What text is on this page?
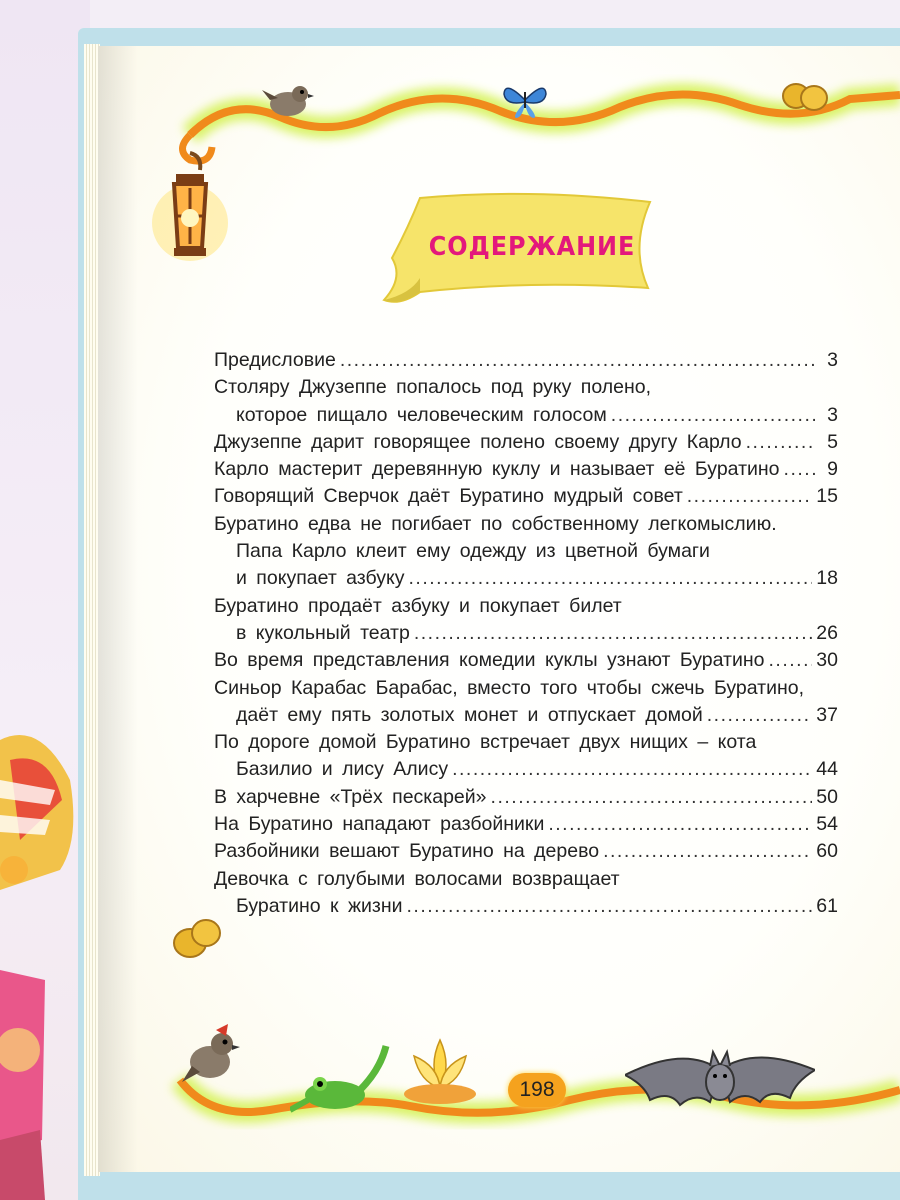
СОДЕРЖАНИЕ
Предисловие .....	3
Столяру Джузеппе попалось под руку полено,
которое пищало человеческим голосом .....	3
Джузеппе дарит говорящее полено своему другу Карло .....	5
Карло мастерит деревянную куклу и называет её Буратино .....	9
Говорящий Сверчок даёт Буратино мудрый совет .....	15
Буратино едва не погибает по собственному легкомыслию.
Папа Карло клеит ему одежду из цветной бумаги
и покупает азбуку .....	18
Буратино продаёт азбуку и покупает билет
в кукольный театр .....	26
Во время представления комедии куклы узнают Буратино .....	30
Синьор Карабас Барабас, вместо того чтобы сжечь Буратино,
даёт ему пять золотых монет и отпускает домой .....	37
По дороге домой Буратино встречает двух нищих – кота
Базилио и лису Алису .....	44
В харчевне «Трёх пескарей» .....	50
На Буратино нападают разбойники .....	54
Разбойники вешают Буратино на дерево .....	60
Девочка с голубыми волосами возвращает
Буратино к жизни .....	61
198
